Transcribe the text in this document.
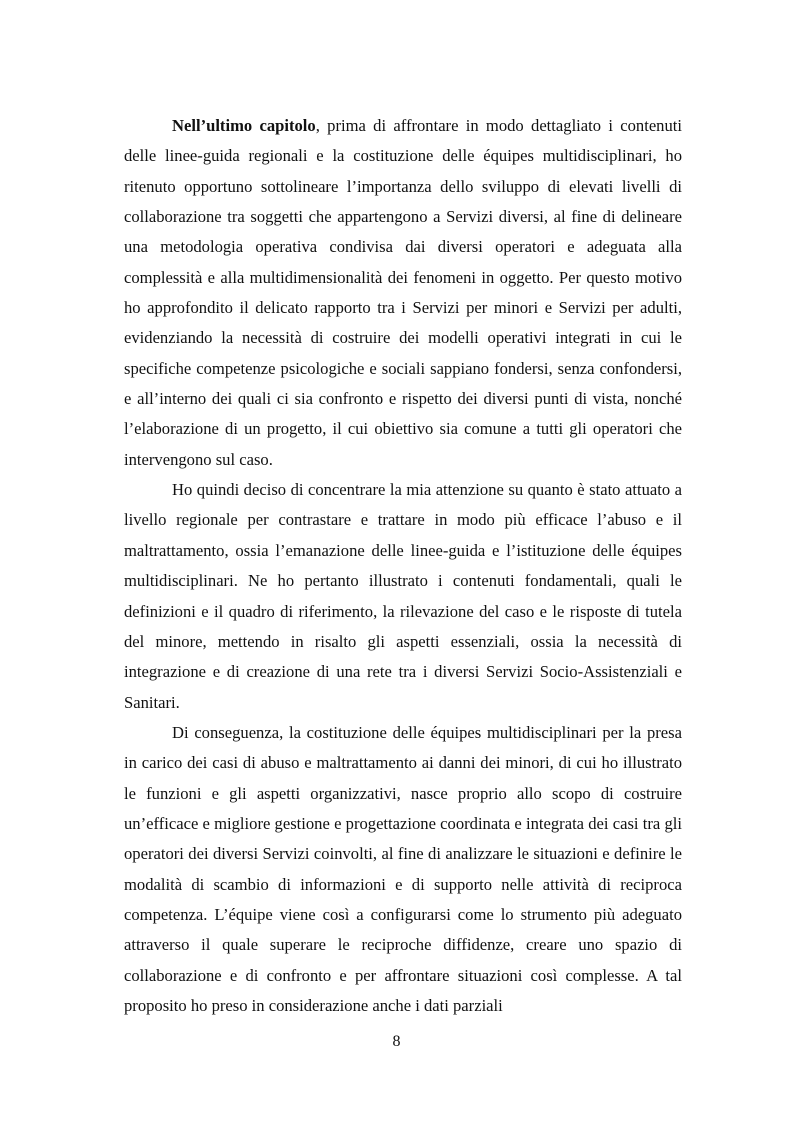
Nell’ultimo capitolo, prima di affrontare in modo dettagliato i contenuti delle linee-guida regionali e la costituzione delle équipes multidisciplinari, ho ritenuto opportuno sottolineare l’importanza dello sviluppo di elevati livelli di collaborazione tra soggetti che appartengono a Servizi diversi, al fine di delineare una metodologia operativa condivisa dai diversi operatori e adeguata alla complessità e alla multidimensionalità dei fenomeni in oggetto. Per questo motivo ho approfondito il delicato rapporto tra i Servizi per minori e Servizi per adulti, evidenziando la necessità di costruire dei modelli operativi integrati in cui le specifiche competenze psicologiche e sociali sappiano fondersi, senza confondersi, e all’interno dei quali ci sia confronto e rispetto dei diversi punti di vista, nonché l’elaborazione di un progetto, il cui obiettivo sia comune a tutti gli operatori che intervengono sul caso.

Ho quindi deciso di concentrare la mia attenzione su quanto è stato attuato a livello regionale per contrastare e trattare in modo più efficace l’abuso e il maltrattamento, ossia l’emanazione delle linee-guida e l’istituzione delle équipes multidisciplinari. Ne ho pertanto illustrato i contenuti fondamentali, quali le definizioni e il quadro di riferimento, la rilevazione del caso e le risposte di tutela del minore, mettendo in risalto gli aspetti essenziali, ossia la necessità di integrazione e di creazione di una rete tra i diversi Servizi Socio-Assistenziali e Sanitari.

Di conseguenza, la costituzione delle équipes multidisciplinari per la presa in carico dei casi di abuso e maltrattamento ai danni dei minori, di cui ho illustrato le funzioni e gli aspetti organizzativi, nasce proprio allo scopo di costruire un’efficace e migliore gestione e progettazione coordinata e integrata dei casi tra gli operatori dei diversi Servizi coinvolti, al fine di analizzare le situazioni e definire le modalità di scambio di informazioni e di supporto nelle attività di reciproca competenza. L’équipe viene così a configurarsi come lo strumento più adeguato attraverso il quale superare le reciproche diffidenze, creare uno spazio di collaborazione e di confronto e per affrontare situazioni così complesse. A tal proposito ho preso in considerazione anche i dati parziali

8
